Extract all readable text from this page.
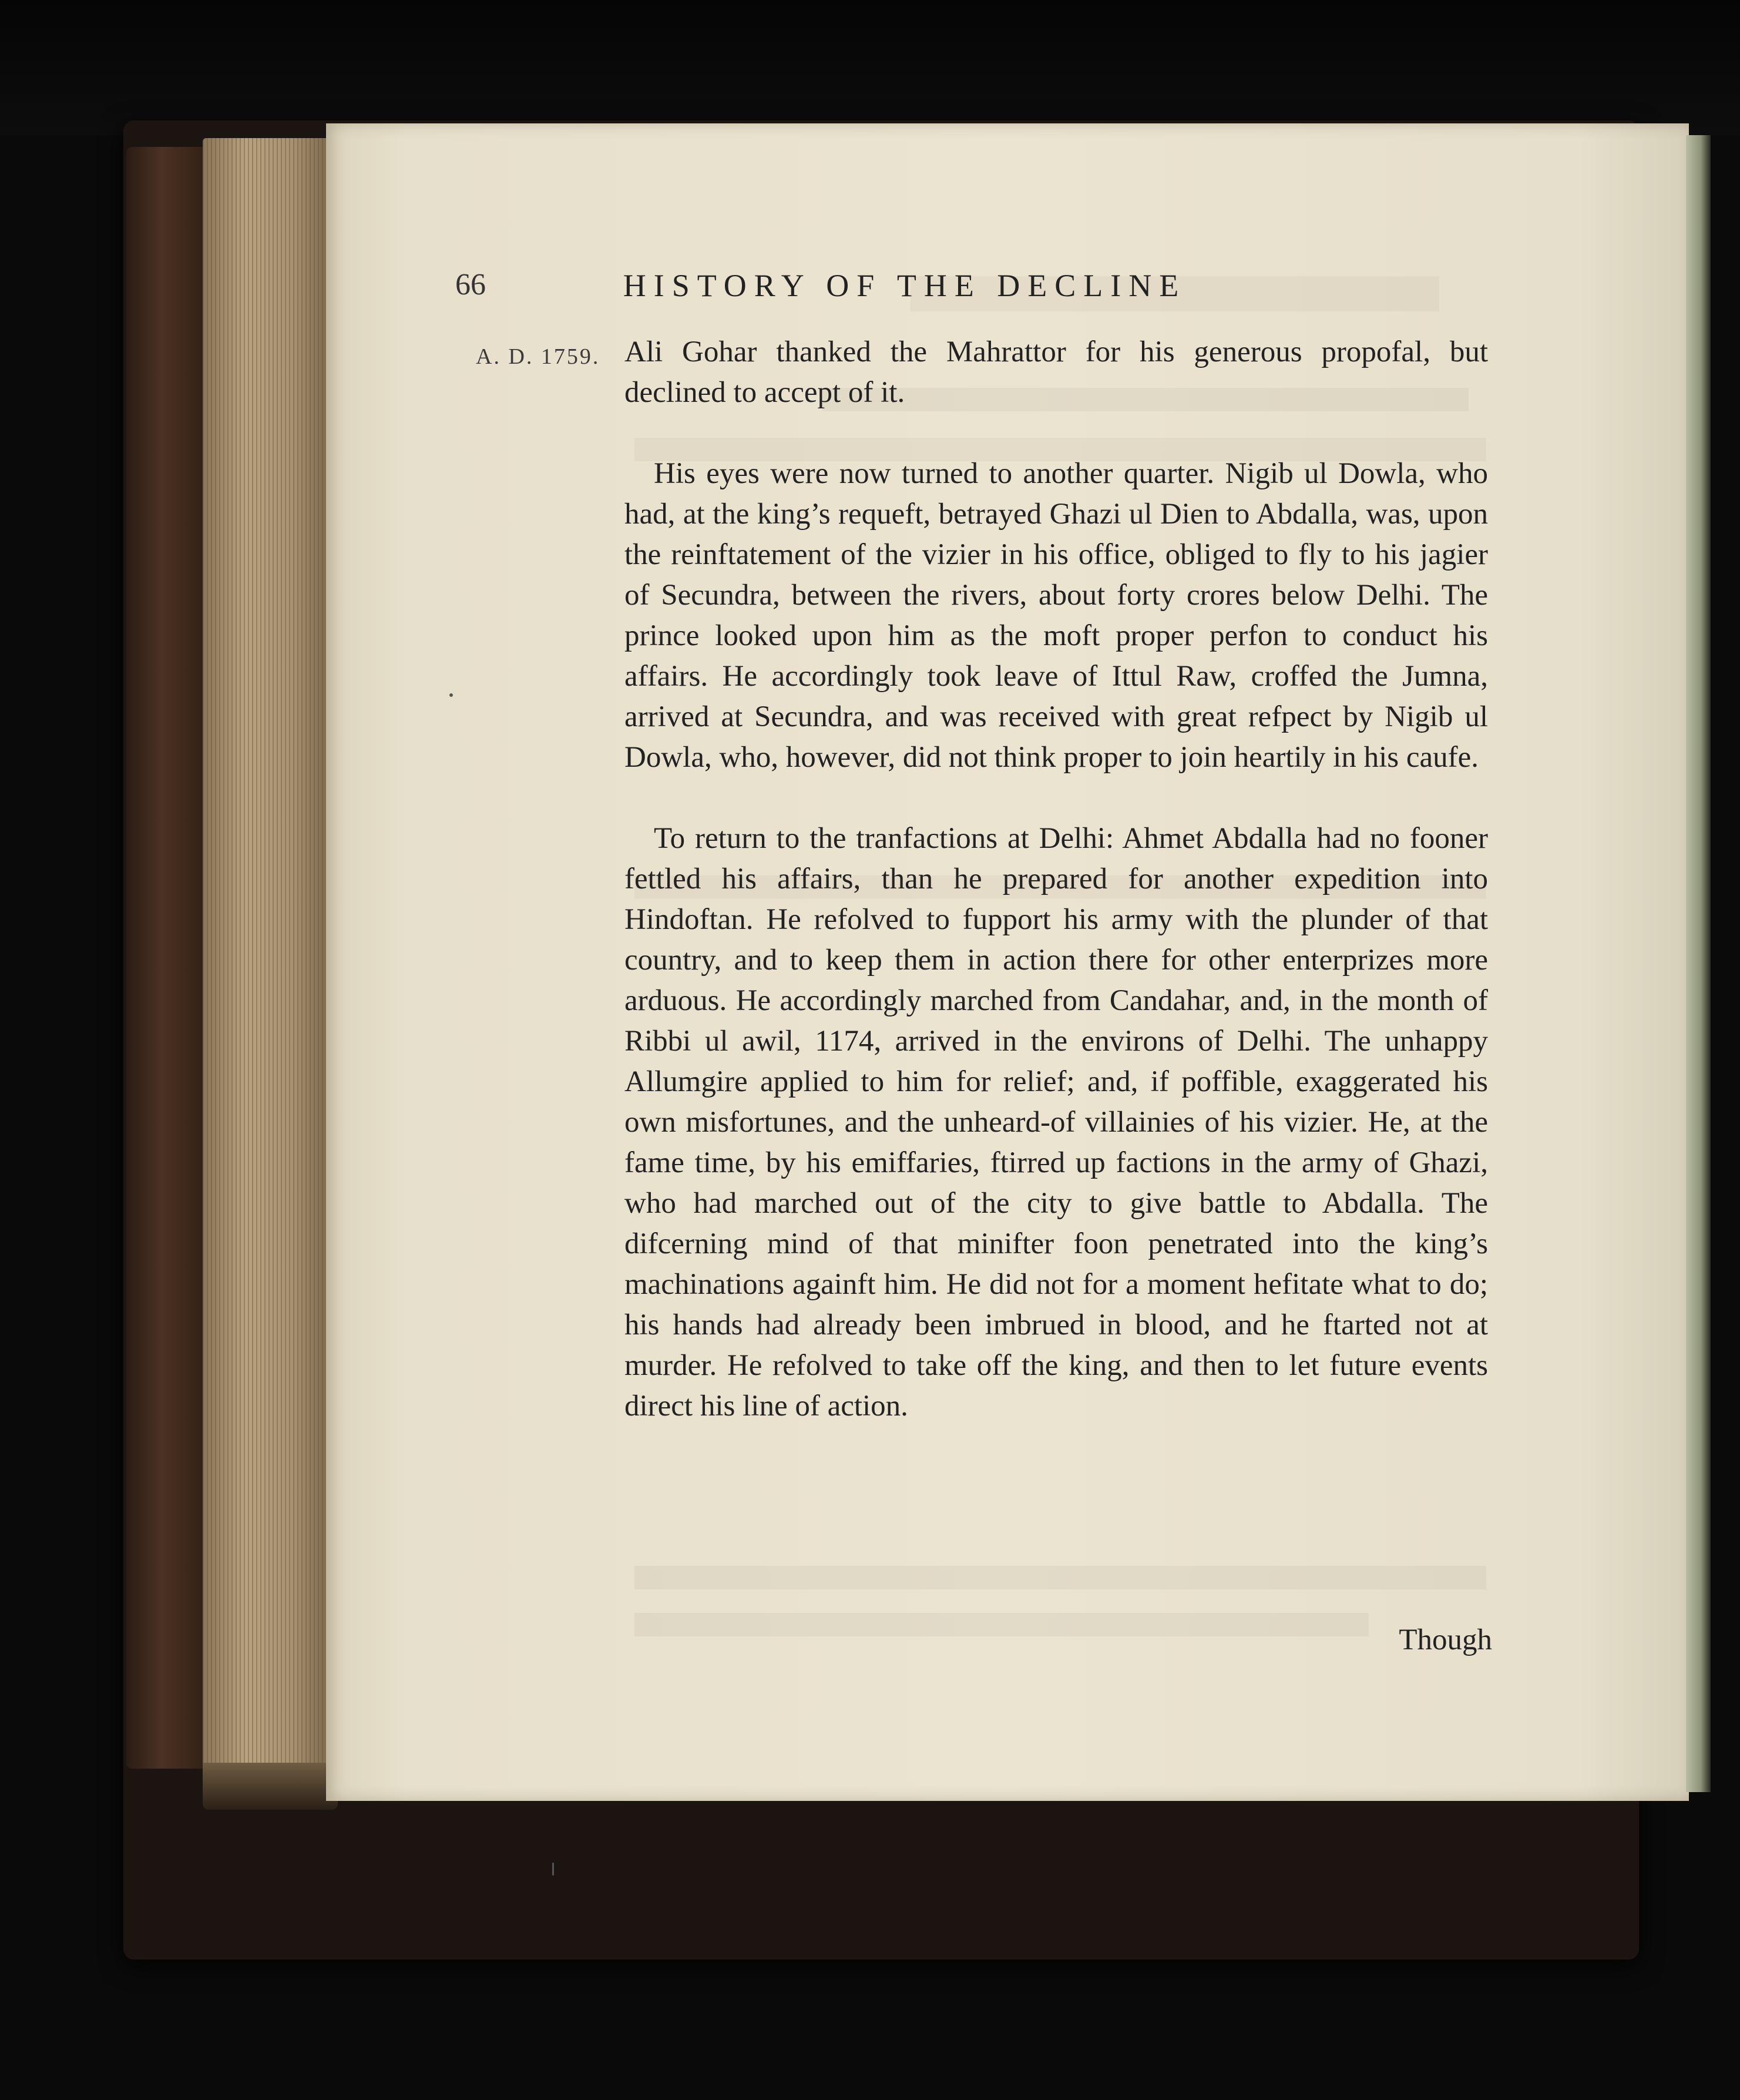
66	HISTORY OF THE DECLINE
A. D. 1759. Ali Gohar thanked the Mahrattor for his generous propofal, but declined to accept of it.

His eyes were now turned to another quarter. Nigib ul Dowla, who had, at the king’s requeft, betrayed Ghazi ul Dien to Abdalla, was, upon the reinftatement of the vizier in his office, obliged to fly to his jagier of Secundra, between the rivers, about forty crores below Delhi. The prince looked upon him as the moft proper perfon to conduct his affairs. He accordingly took leave of Ittul Raw, croffed the Jumna, arrived at Secundra, and was received with great refpect by Nigib ul Dowla, who, however, did not think proper to join heartily in his caufe.

To return to the tranfactions at Delhi: Ahmet Abdalla had no fooner fettled his affairs, than he prepared for another expedition into Hindoftan. He refolved to fupport his army with the plunder of that country, and to keep them in action there for other enterprizes more arduous. He accordingly marched from Candahar, and, in the month of Ribbi ul awil, 1174, arrived in the environs of Delhi. The unhappy Allumgire applied to him for relief; and, if poffible, exaggerated his own misfortunes, and the unheard-of villainies of his vizier. He, at the fame time, by his emiffaries, ftirred up factions in the army of Ghazi, who had marched out of the city to give battle to Abdalla. The difcerning mind of that minifter foon penetrated into the king’s machinations againft him. He did not for a moment hefitate what to do; his hands had already been imbrued in blood, and he ftarted not at murder. He refolved to take off the king, and then to let future events direct his line of action.

Though
